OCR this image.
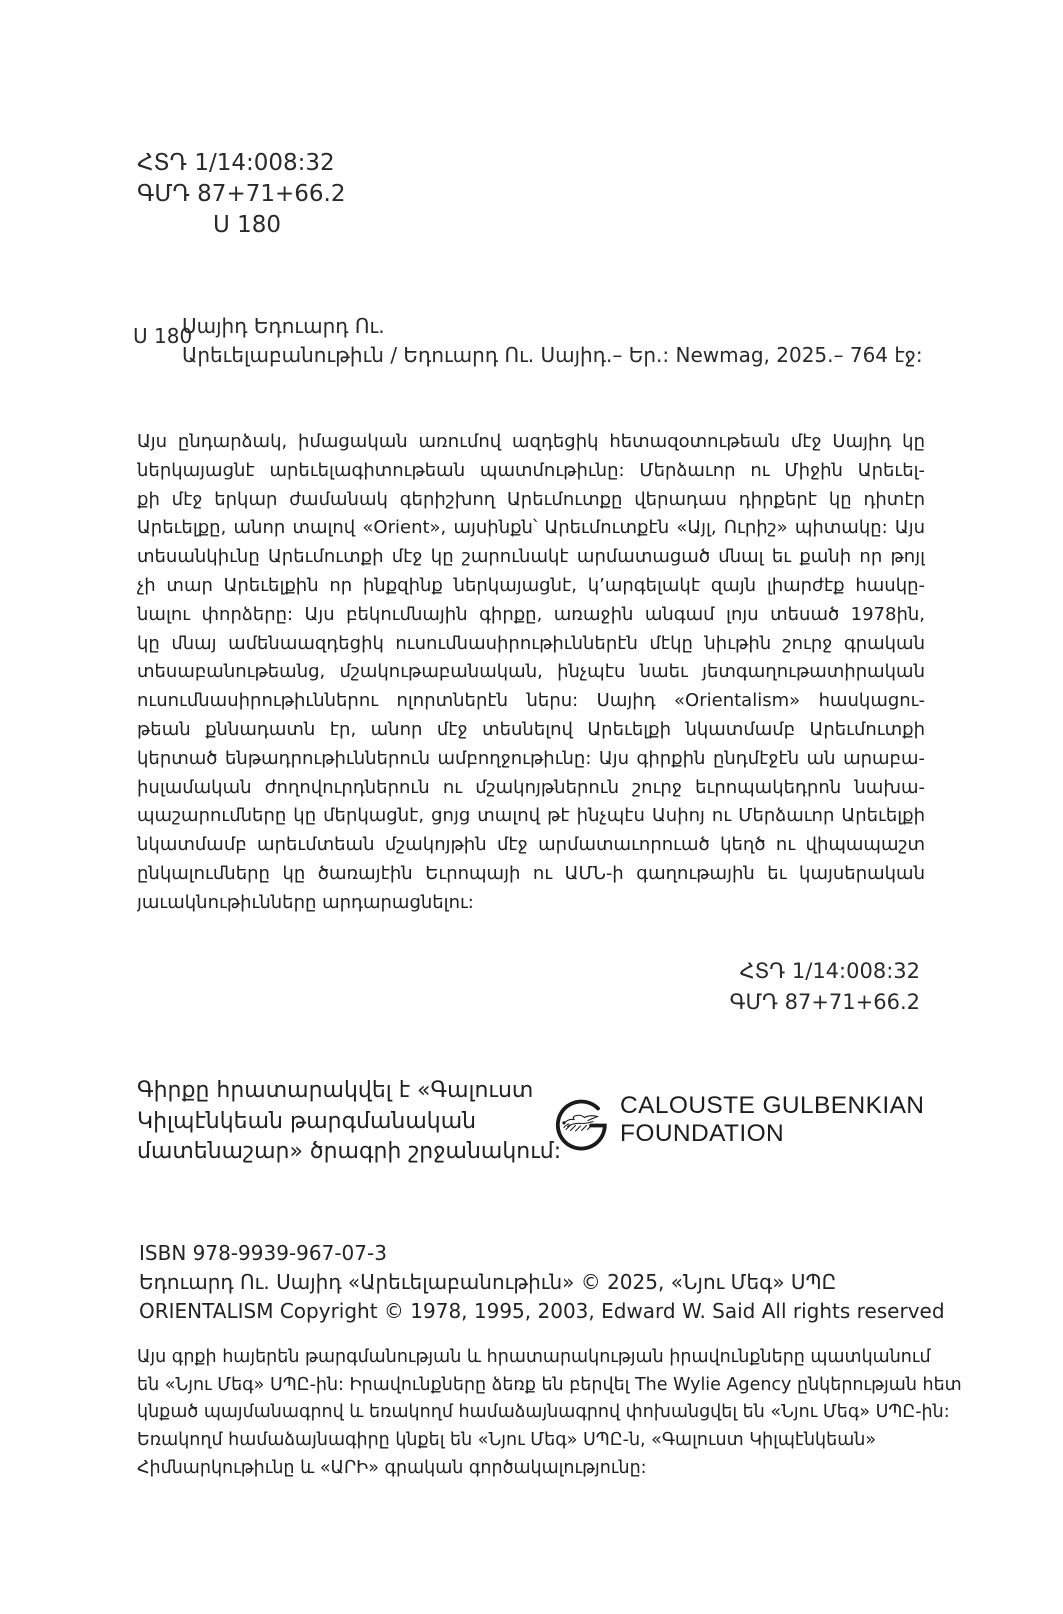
ՀՏԴ 1/14:008:32
ԳՄԴ 87+71+66.2
Ս 180
Ս 180
Սայիդ Եդուարդ Ու.
Արեւելաբանութիւն / Եդուարդ Ու. Սայիդ.– Եր.: Newmag, 2025.– 764 էջ:
Այս ընդարձակ, իմացական առումով ազդեցիկ հետազօտութեան մէջ Սայիդ կը
ներկայացնէ արեւելագիտութեան պատմութիւնը: Մերձաւոր ու Միջին Արեւել-
քի մէջ երկար ժամանակ գերիշխող Արեւմուտքը վերադաս դիրքերէ կը դիտէր
Արեւելքը, անոր տալով «Orient», այսինքն՝ Արեւմուտքէն «Այլ, Ուրիշ» պիտակը: Այս
տեսանկիւնը Արեւմուտքի մէջ կը շարունակէ արմատացած մնալ եւ քանի որ թոյլ
չի տար Արեւելքին որ ինքզինք ներկայացնէ, կ’արգելակէ զայն լիարժէք հասկը-
նալու փորձերը: Այս բեկումնային գիրքը, առաջին անգամ լոյս տեսած 1978ին,
կը մնայ ամենաազդեցիկ ուսումնասիրութիւններէն մէկը նիւթին շուրջ գրական
տեսաբանութեանց, մշակութաբանական, ինչպէս նաեւ յետգաղութատիրական
ուսումնասիրութիւններու ոլորտներէն ներս: Սայիդ «Orientalism» հասկացու-
թեան քննադատն էր, անոր մէջ տեսնելով Արեւելքի նկատմամբ Արեւմուտքի
կերտած ենթադրութիւններուն ամբողջութիւնը: Այս գիրքին ընդմէջէն ան արաբա-
իսլամական ժողովուրդներուն ու մշակոյթներուն շուրջ եւրոպակեդրոն նախա-
պաշարումները կը մերկացնէ, ցոյց տալով թէ ինչպէս Ասիոյ ու Մերձաւոր Արեւելքի
նկատմամբ արեւմտեան մշակոյթին մէջ արմատաւորուած կեղծ ու վիպապաշտ
ընկալումները կը ծառայէին Եւրոպայի ու ԱՄՆ-ի գաղութային եւ կայսերական
յաւակնութիւնները արդարացնելու:
ՀՏԴ 1/14:008:32
ԳՄԴ 87+71+66.2
Գիրքը հրատարակվել է «Գալուստ
Կիլպէնկեան թարգմանական
մատենաշար» ծրագրի շրջանակում:
CALOUSTE GULBENKIAN
FOUNDATION
ISBN 978-9939-967-07-3
Եդուարդ Ու. Սայիդ «Արեւելաբանութիւն» © 2025, «Նյու Մեգ» ՍՊԸ
ORIENTALISM Copyright © 1978, 1995, 2003, Edward W. Said All rights reserved
Այս գրքի հայերեն թարգմանության և հրատարակության իրավունքները պատկանում
են «Նյու Մեգ» ՍՊԸ-ին: Իրավունքները ձեռք են բերվել The Wylie Agency ընկերության հետ
կնքած պայմանագրով և եռակողմ համաձայնագրով փոխանցվել են «Նյու Մեգ» ՍՊԸ-ին:
Եռակողմ համաձայնագիրը կնքել են «Նյու Մեգ» ՍՊԸ-ն, «Գալուստ Կիլպէնկեան»
Հիմնարկութիւնը և «ԱՐԻ» գրական գործակալությունը:
